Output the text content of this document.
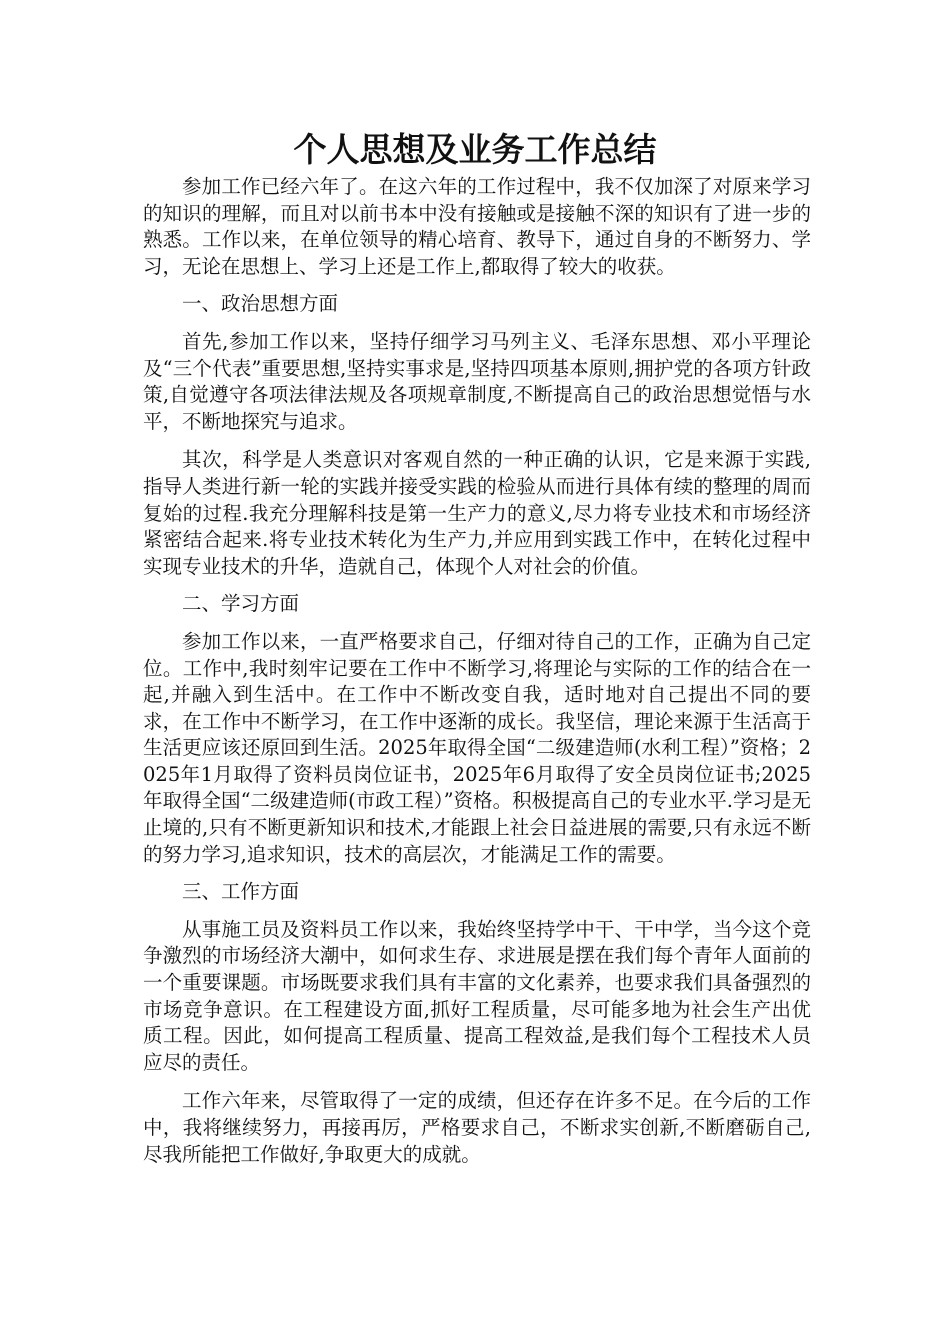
个人思想及业务工作总结

参加工作已经六年了。在这六年的工作过程中，我不仅加深了对原来学习的知识的理解，而且对以前书本中没有接触或是接触不深的知识有了进一步的熟悉。工作以来，在单位领导的精心培育、教导下，通过自身的不断努力、学习，无论在思想上、学习上还是工作上,都取得了较大的收获。

一、政治思想方面

首先,参加工作以来，坚持仔细学习马列主义、毛泽东思想、邓小平理论及“三个代表”重要思想,坚持实事求是,坚持四项基本原则,拥护党的各项方针政策,自觉遵守各项法律法规及各项规章制度,不断提高自己的政治思想觉悟与水平，不断地探究与追求。

其次，科学是人类意识对客观自然的一种正确的认识，它是来源于实践,指导人类进行新一轮的实践并接受实践的检验从而进行具体有续的整理的周而复始的过程.我充分理解科技是第一生产力的意义,尽力将专业技术和市场经济紧密结合起来.将专业技术转化为生产力,并应用到实践工作中，在转化过程中实现专业技术的升华，造就自己，体现个人对社会的价值。

二、学习方面

参加工作以来，一直严格要求自己，仔细对待自己的工作，正确为自己定位。工作中,我时刻牢记要在工作中不断学习,将理论与实际的工作的结合在一起,并融入到生活中。在工作中不断改变自我，适时地对自己提出不同的要求，在工作中不断学习，在工作中逐渐的成长。我坚信，理论来源于生活高于生活更应该还原回到生活。2025年取得全国“二级建造师(水利工程）”资格；2025年1月取得了资料员岗位证书，2025年6月取得了安全员岗位证书;2025年取得全国“二级建造师(市政工程）”资格。积极提高自己的专业水平.学习是无止境的,只有不断更新知识和技术,才能跟上社会日益进展的需要,只有永远不断的努力学习,追求知识，技术的高层次，才能满足工作的需要。

三、工作方面

从事施工员及资料员工作以来，我始终坚持学中干、干中学，当今这个竞争激烈的市场经济大潮中，如何求生存、求进展是摆在我们每个青年人面前的一个重要课题。市场既要求我们具有丰富的文化素养，也要求我们具备强烈的市场竞争意识。在工程建设方面,抓好工程质量，尽可能多地为社会生产出优质工程。因此，如何提高工程质量、提高工程效益,是我们每个工程技术人员应尽的责任。

工作六年来，尽管取得了一定的成绩，但还存在许多不足。在今后的工作中，我将继续努力，再接再厉，严格要求自己，不断求实创新,不断磨砺自己,尽我所能把工作做好,争取更大的成就。
